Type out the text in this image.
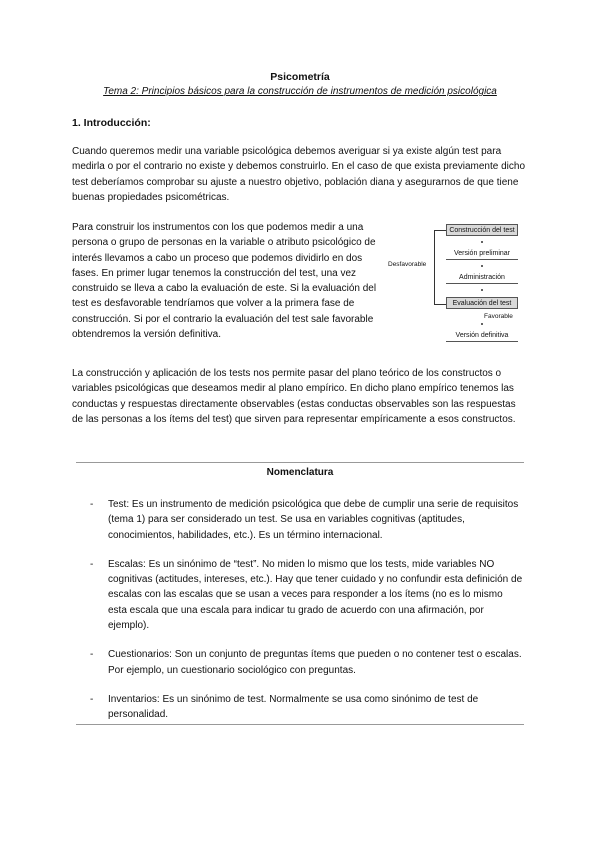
Psicometría
Tema 2: Principios básicos para la construcción de instrumentos de medición psicológica
1. Introducción:

Cuando queremos medir una variable psicológica debemos averiguar si ya existe algún test para medirla o por el contrario no existe y debemos construirlo. En el caso de que exista previamente dicho test deberíamos comprobar su ajuste a nuestro objetivo, población diana y asegurarnos de que tiene buenas propiedades psicométricas.

Para construir los instrumentos con los que podemos medir a una persona o grupo de personas en la variable o atributo psicológico de interés llevamos a cabo un proceso que podemos dividirlo en dos fases. En primer lugar tenemos la construcción del test, una vez construido se lleva a cabo la evaluación de este. Si la evaluación del test es desfavorable tendríamos que volver a la primera fase de construcción. Si por el contrario la evaluación del test sale favorable obtendremos la versión definitiva.

Desfavorable
Construcción del test
Versión preliminar
Administración
Evaluación del test
Favorable
Versión definitiva

La construcción y aplicación de los tests nos permite pasar del plano teórico de los constructos o variables psicológicas que deseamos medir al plano empírico. En dicho plano empírico tenemos las conductas y respuestas directamente observables (estas conductas observables son las respuestas de las personas a los ítems del test) que sirven para representar empíricamente a esos constructos.

Nomenclatura
- Test: Es un instrumento de medición psicológica que debe de cumplir una serie de requisitos (tema 1) para ser considerado un test. Se usa en variables cognitivas (aptitudes, conocimientos, habilidades, etc.). Es un término internacional.
- Escalas: Es un sinónimo de “test”. No miden lo mismo que los tests, mide variables NO cognitivas (actitudes, intereses, etc.). Hay que tener cuidado y no confundir esta definición de escalas con las escalas que se usan a veces para responder a los ítems (no es lo mismo esta escala que una escala para indicar tu grado de acuerdo con una afirmación, por ejemplo).
- Cuestionarios: Son un conjunto de preguntas ítems que pueden o no contener test o escalas. Por ejemplo, un cuestionario sociológico con preguntas.
- Inventarios: Es un sinónimo de test. Normalmente se usa como sinónimo de test de personalidad.
